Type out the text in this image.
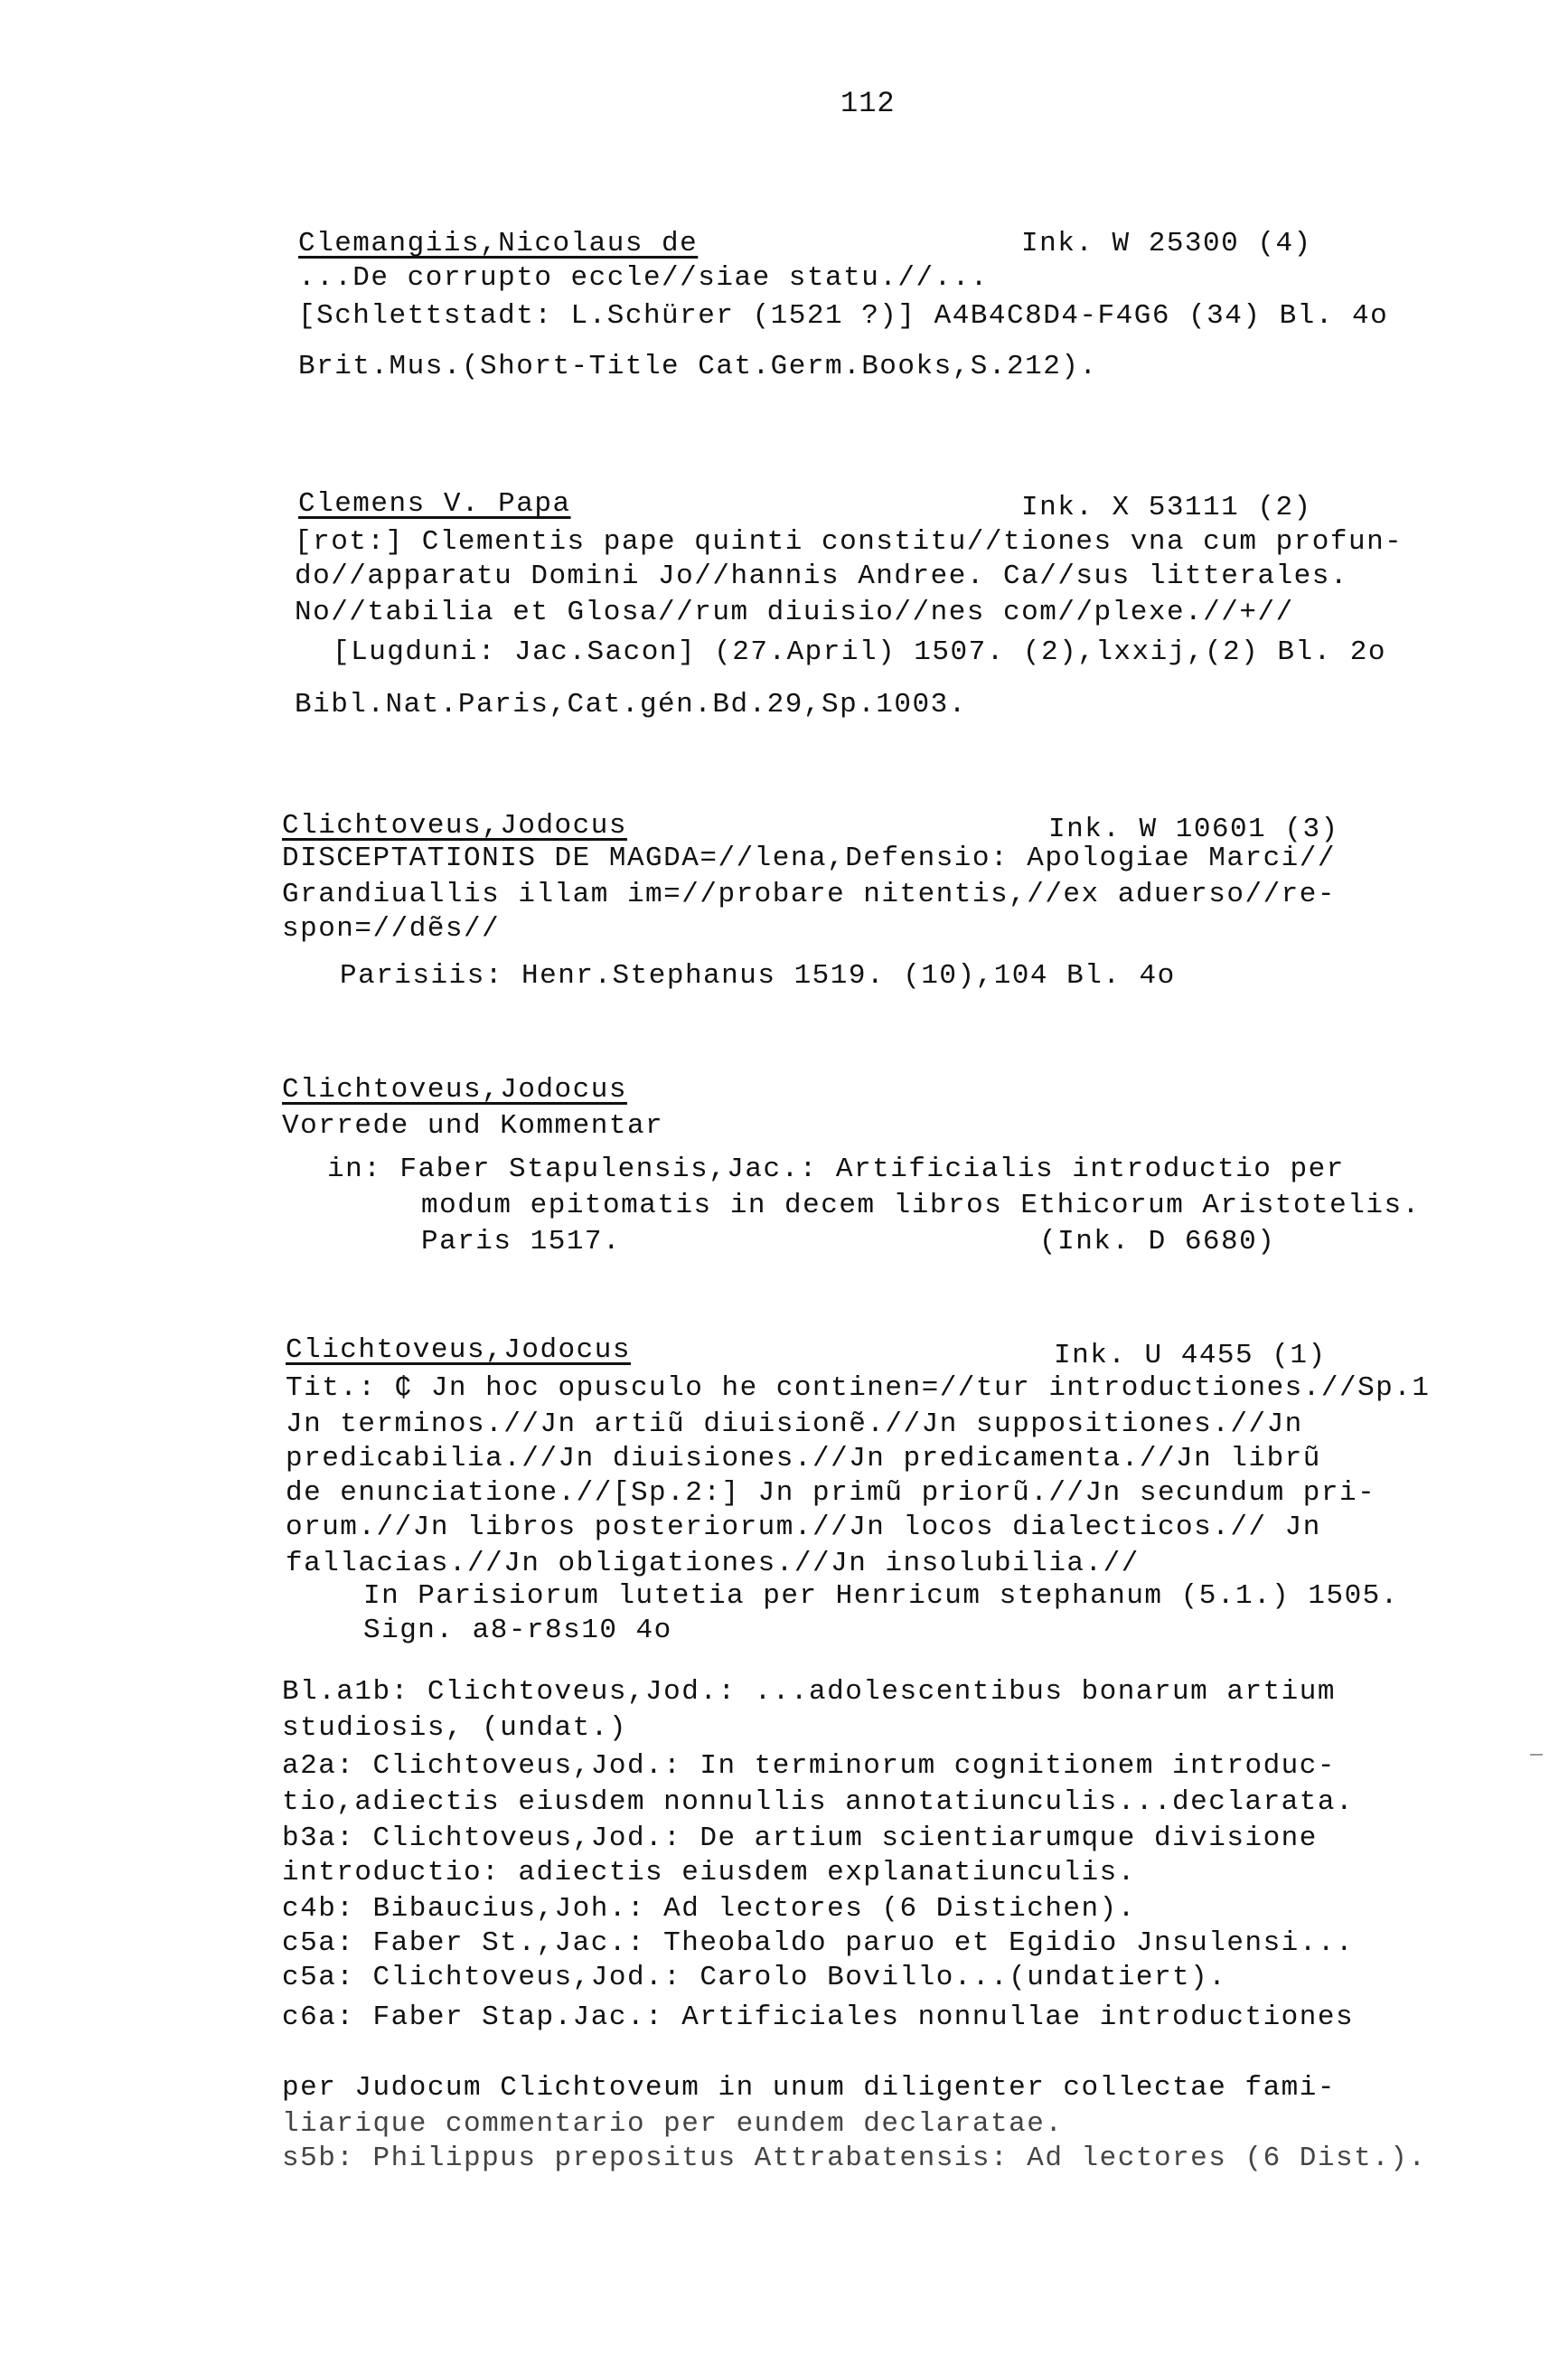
112
Clemangiis,Nicolaus de	Ink. W 25300 (4)
...De corrupto eccle//siae statu.//...
[Schlettstadt: L.Schürer (1521 ?)] A4B4C8D4-F4G6 (34) Bl. 4o
Brit.Mus.(Short-Title Cat.Germ.Books,S.212).
Clemens V. Papa	Ink. X 53111 (2)
[rot:] Clementis pape quinti constitu//tiones vna cum profun-
do//apparatu Domini Jo//hannis Andree. Ca//sus litterales.
No//tabilia et Glosa//rum diuisio//nes com//plexe.//+//
[Lugduni: Jac.Sacon] (27.April) 1507. (2),lxxij,(2) Bl. 2o
Bibl.Nat.Paris,Cat.gén.Bd.29,Sp.1003.
Clichtoveus,Jodocus	Ink. W 10601 (3)
DISCEPTATIONIS DE MAGDA=//lena,Defensio: Apologiae Marci//
Grandiuallis illam im=//probare nitentis,//ex aduerso//re-
spon=//dẽs//
Parisiis: Henr.Stephanus 1519. (10),104 Bl. 4o
Clichtoveus,Jodocus
Vorrede und Kommentar
in: Faber Stapulensis,Jac.: Artificialis introductio per
modum epitomatis in decem libros Ethicorum Aristotelis.
Paris 1517.	(Ink. D 6680)
Clichtoveus,Jodocus	Ink. U 4455 (1)
Tit.: ₵ Jn hoc opusculo he continen=//tur introductiones.//Sp.1
Jn terminos.//Jn artiũ diuisionẽ.//Jn suppositiones.//Jn
predicabilia.//Jn diuisiones.//Jn predicamenta.//Jn librũ
de enunciatione.//[Sp.2:] Jn primũ priorũ.//Jn secundum pri-
orum.//Jn libros posteriorum.//Jn locos dialecticos.// Jn
fallacias.//Jn obligationes.//Jn insolubilia.//
In Parisiorum lutetia per Henricum stephanum (5.1.) 1505.
Sign. a8-r8s10 4o
Bl.a1b: Clichtoveus,Jod.: ...adolescentibus bonarum artium
studiosis, (undat.)
a2a: Clichtoveus,Jod.: In terminorum cognitionem introduc-
tio,adiectis eiusdem nonnullis annotatiunculis...declarata.
b3a: Clichtoveus,Jod.: De artium scientiarumque divisione
introductio: adiectis eiusdem explanatiunculis.
c4b: Bibaucius,Joh.: Ad lectores (6 Distichen).
c5a: Faber St.,Jac.: Theobaldo paruo et Egidio Jnsulensi...
c5a: Clichtoveus,Jod.: Carolo Bovillo...(undatiert).
c6a: Faber Stap.Jac.: Artificiales nonnullae introductiones
per Judocum Clichtoveum in unum diligenter collectae fami-
liarique commentario per eundem declaratae.
s5b: Philippus prepositus Attrabatensis: Ad lectores (6 Dist.).
